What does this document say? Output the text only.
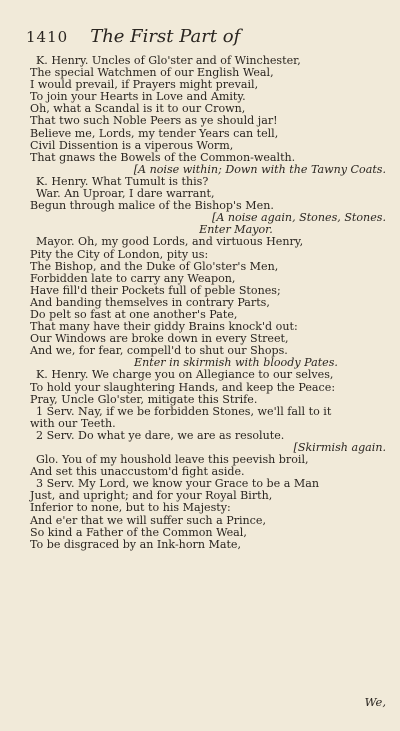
1410 The First Part of
K. Henry. Uncles of Glo'ster and of Winchester,
The special Watchmen of our English Weal,
I would prevail, if Prayers might prevail,
To join your Hearts in Love and Amity.
Oh, what a Scandal is it to our Crown,
That two such Noble Peers as ye should jar!
Believe me, Lords, my tender Years can tell,
Civil Dissention is a viperous Worm,
That gnaws the Bowels of the Common-wealth.
[A noise within; Down with the Tawny Coats.
K. Henry. What Tumult is this?
War. An Uproar, I dare warrant,
Begun through malice of the Bishop's Men.
[A noise again, Stones, Stones.
Enter Mayor.
Mayor. Oh, my good Lords, and virtuous Henry,
Pity the City of London, pity us:
The Bishop, and the Duke of Glo'ster's Men,
Forbidden late to carry any Weapon,
Have fill'd their Pockets full of peble Stones;
And banding themselves in contrary Parts,
Do pelt so fast at one another's Pate,
That many have their giddy Brains knock'd out:
Our Windows are broke down in every Street,
And we, for fear, compell'd to shut our Shops.
Enter in skirmish with bloody Pates.
K. Henry. We charge you on Allegiance to our selves,
To hold your slaughtering Hands, and keep the Peace:
Pray, Uncle Glo'ster, mitigate this Strife.
1 Serv. Nay, if we be forbidden Stones, we'll fall to it
with our Teeth.
2 Serv. Do what ye dare, we are as resolute.
[Skirmish again.
Glo. You of my houshold leave this peevish broil,
And set this unaccustom'd fight aside.
3 Serv. My Lord, we know your Grace to be a Man
Just, and upright; and for your Royal Birth,
Inferior to none, but to his Majesty:
And e'er that we will suffer such a Prince,
So kind a Father of the Common Weal,
To be disgraced by an Ink-horn Mate,
We,
